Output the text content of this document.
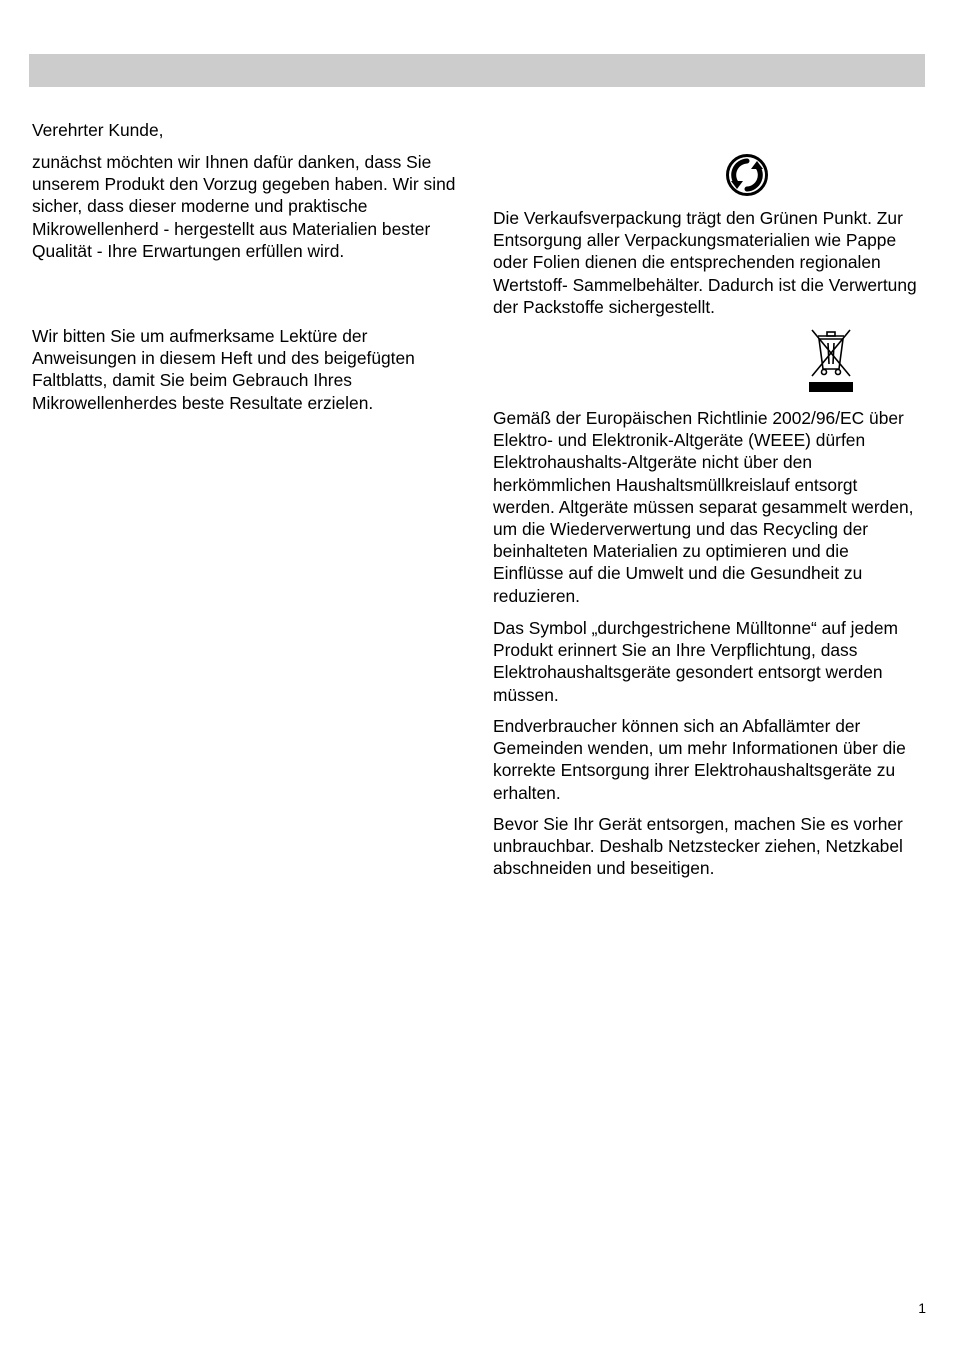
Verehrter Kunde,

zunächst möchten wir Ihnen dafür danken, dass Sie unserem Produkt den Vorzug gegeben haben. Wir sind sicher, dass dieser moderne und praktische Mikrowellenherd - hergestellt aus Materialien bester Qualität - Ihre Erwartungen erfüllen wird.

Wir bitten Sie um aufmerksame Lektüre der Anweisungen in diesem Heft und des beigefügten Faltblatts, damit Sie beim Gebrauch Ihres Mikrowellenherdes beste Resultate erzielen.

Die Verkaufsverpackung trägt den Grünen Punkt. Zur Entsorgung aller Verpackungsmaterialien wie Pappe oder Folien dienen die entsprechenden regionalen Wertstoff- Sammelbehälter. Dadurch ist die Verwertung der Packstoffe sichergestellt.

Gemäß der Europäischen Richtlinie 2002/96/EC über Elektro- und Elektronik-Altgeräte (WEEE) dürfen Elektrohaushalts-Altgeräte nicht über den herkömmlichen Haushaltsmüllkreislauf entsorgt werden. Altgeräte müssen separat gesammelt werden, um die Wiederverwertung und das Recycling der beinhalteten Materialien zu optimieren und die Einflüsse auf die Umwelt und die Gesundheit zu reduzieren.

Das Symbol „durchgestrichene Mülltonne“ auf jedem Produkt erinnert Sie an Ihre Verpflichtung, dass Elektrohaushaltsgeräte gesondert entsorgt werden müssen.

Endverbraucher können sich an Abfallämter der Gemeinden wenden, um mehr Informationen über die korrekte Entsorgung ihrer Elektrohaushaltsgeräte zu erhalten.

Bevor Sie Ihr Gerät entsorgen, machen Sie es vorher unbrauchbar. Deshalb Netzstecker ziehen, Netzkabel abschneiden und beseitigen.

1
